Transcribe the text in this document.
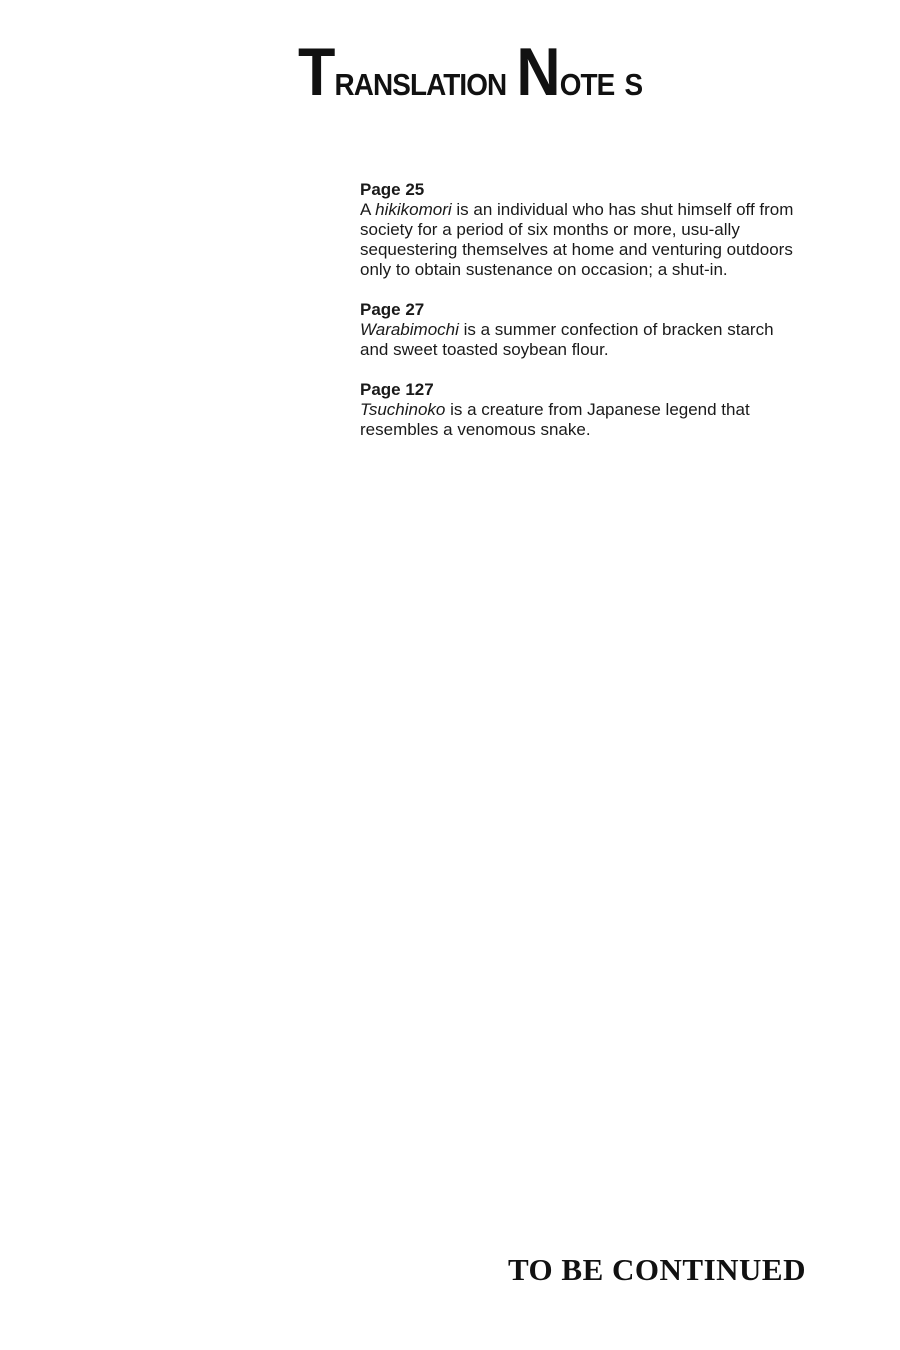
Translation Note s
Page 25
A hikikomori is an individual who has shut himself off from society for a period of six months or more, usu-ally sequestering themselves at home and venturing outdoors only to obtain sustenance on occasion; a shut-in.
Page 27
Warabimochi is a summer confection of bracken starch and sweet toasted soybean flour.
Page 127
Tsuchinoko is a creature from Japanese legend that resembles a venomous snake.

TO BE CONTINUED
